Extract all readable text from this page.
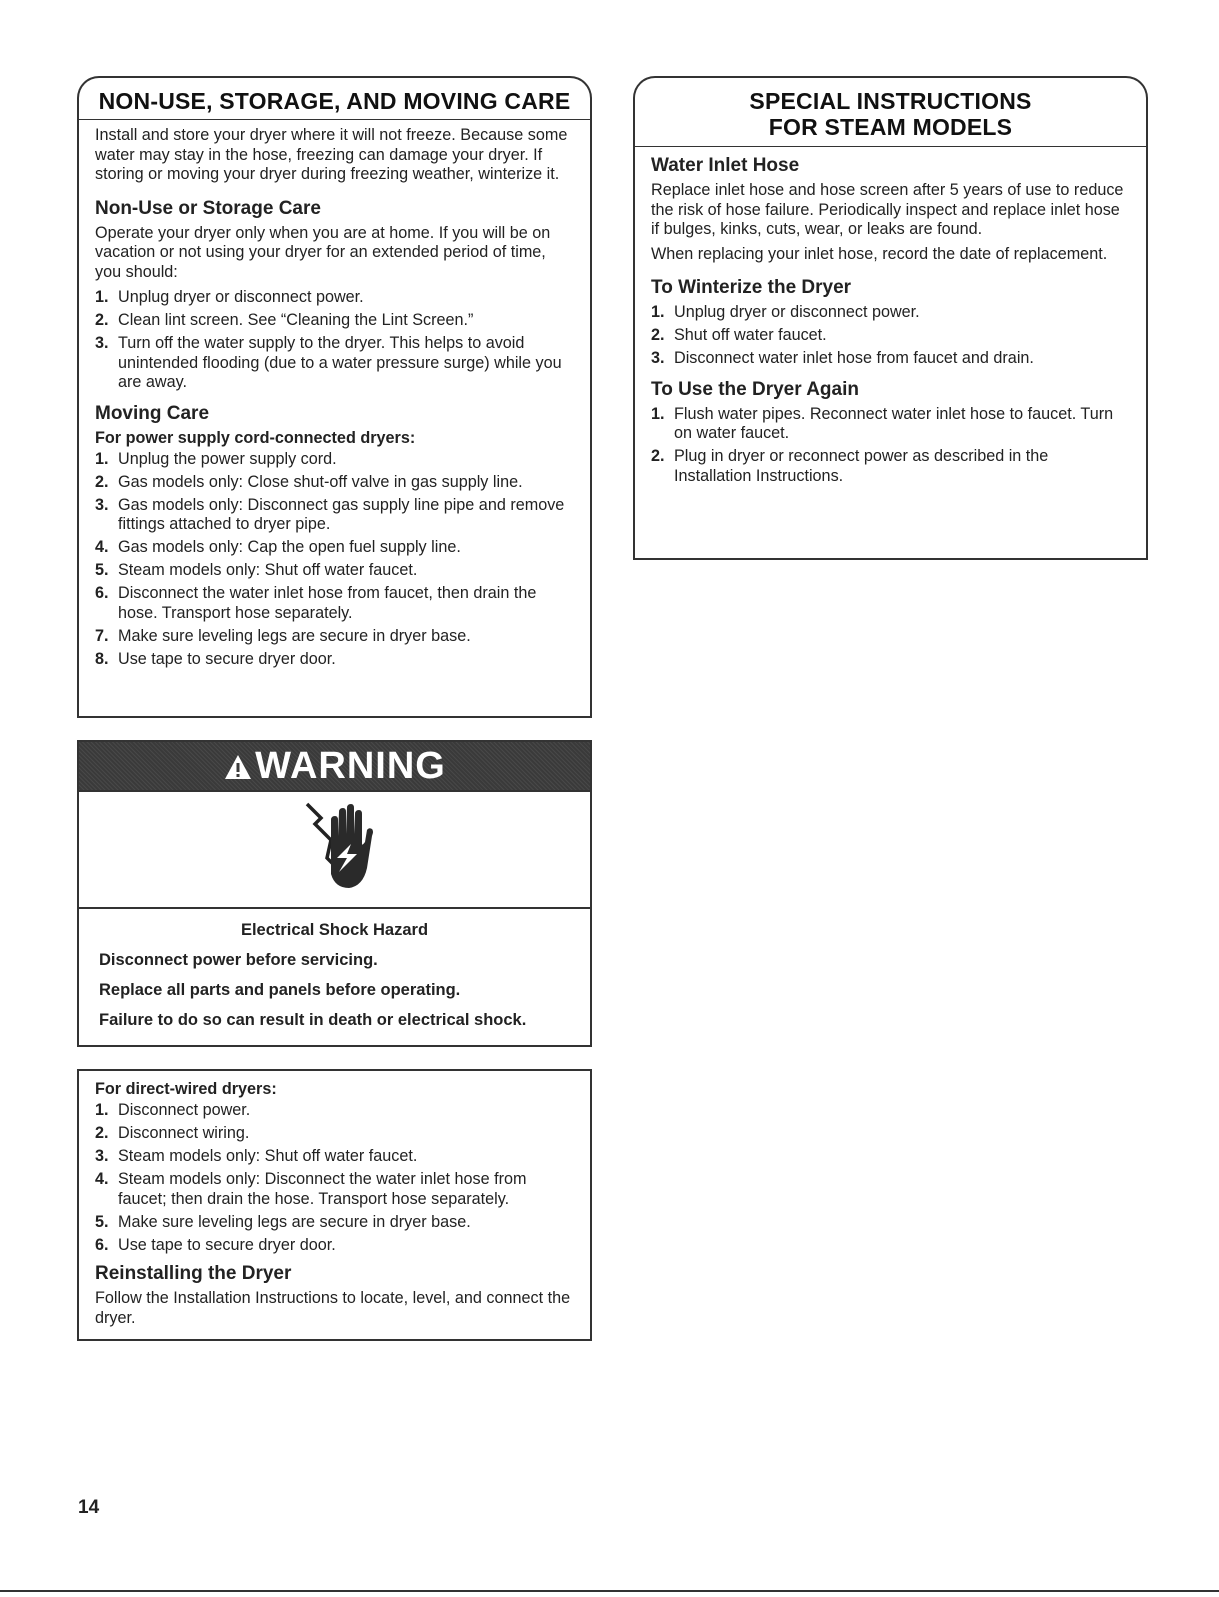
NON-USE, STORAGE, AND MOVING CARE

Install and store your dryer where it will not freeze. Because some water may stay in the hose, freezing can damage your dryer. If storing or moving your dryer during freezing weather, winterize it.

Non-Use or Storage Care

Operate your dryer only when you are at home. If you will be on vacation or not using your dryer for an extended period of time, you should:

1. Unplug dryer or disconnect power.
2. Clean lint screen. See “Cleaning the Lint Screen.”
3. Turn off the water supply to the dryer. This helps to avoid unintended flooding (due to a water pressure surge) while you are away.
Moving Care
For power supply cord-connected dryers:
1. Unplug the power supply cord.
2. Gas models only: Close shut-off valve in gas supply line.
3. Gas models only: Disconnect gas supply line pipe and remove fittings attached to dryer pipe.
4. Gas models only: Cap the open fuel supply line.
5. Steam models only: Shut off water faucet.
6. Disconnect the water inlet hose from faucet, then drain the hose. Transport hose separately.
7. Make sure leveling legs are secure in dryer base.
8. Use tape to secure dryer door.
WARNING

Electrical Shock Hazard

Disconnect power before servicing.

Replace all parts and panels before operating.

Failure to do so can result in death or electrical shock.

For direct-wired dryers:
1. Disconnect power.
2. Disconnect wiring.
3. Steam models only: Shut off water faucet.
4. Steam models only: Disconnect the water inlet hose from faucet; then drain the hose. Transport hose separately.
5. Make sure leveling legs are secure in dryer base.
6. Use tape to secure dryer door.
Reinstalling the Dryer

Follow the Installation Instructions to locate, level, and connect the dryer.

SPECIAL INSTRUCTIONS
FOR STEAM MODELS
Water Inlet Hose

Replace inlet hose and hose screen after 5 years of use to reduce the risk of hose failure. Periodically inspect and replace inlet hose if bulges, kinks, cuts, wear, or leaks are found.

When replacing your inlet hose, record the date of replacement.

To Winterize the Dryer
1. Unplug dryer or disconnect power.
2. Shut off water faucet.
3. Disconnect water inlet hose from faucet and drain.
To Use the Dryer Again
1. Flush water pipes. Reconnect water inlet hose to faucet. Turn on water faucet.
2. Plug in dryer or reconnect power as described in the Installation Instructions.
14
